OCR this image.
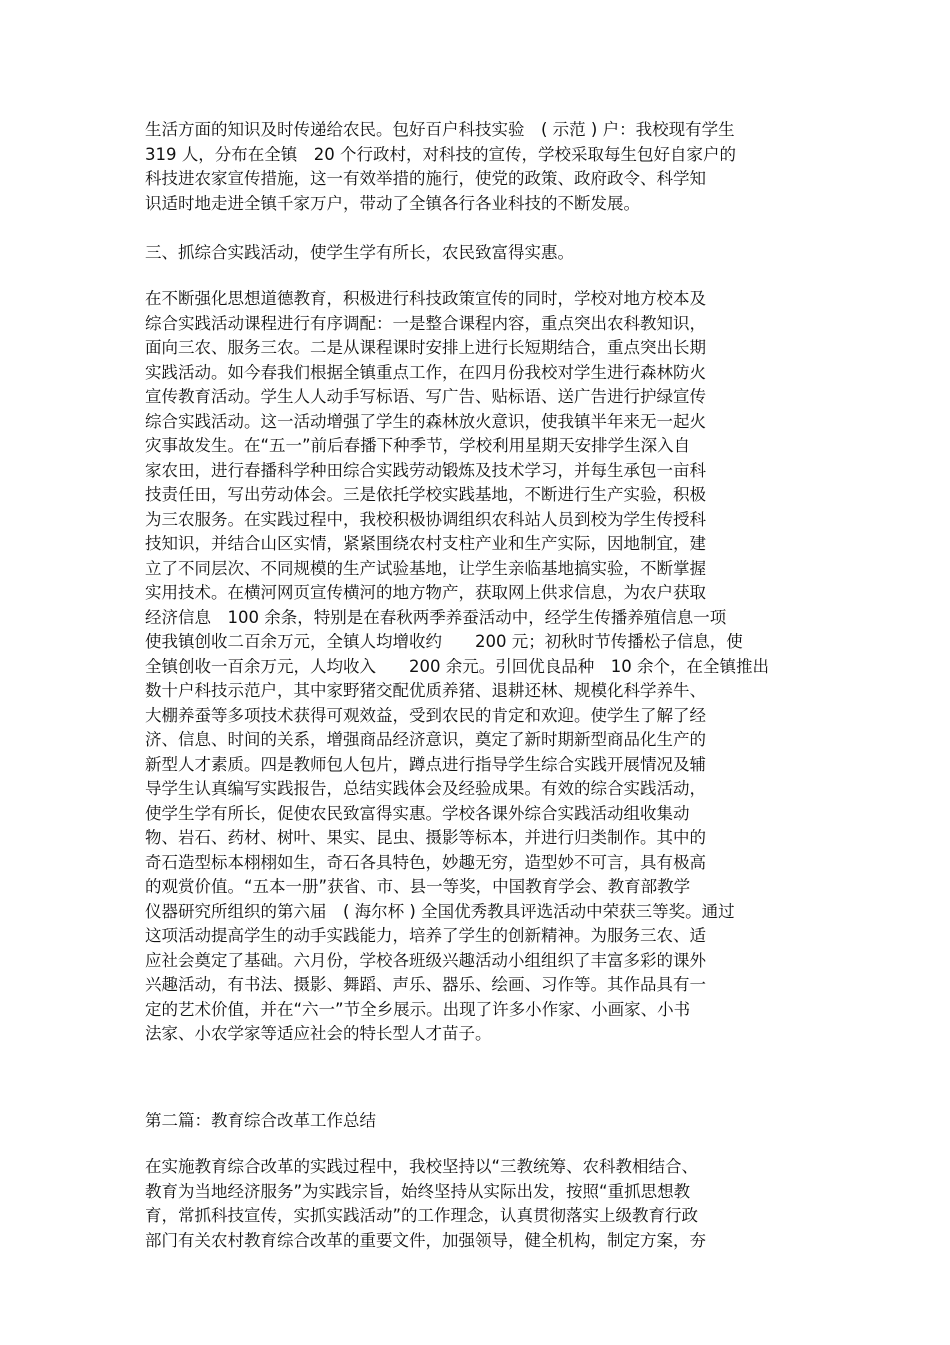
生活方面的知识及时传递给农民。包好百户科技实验　( 示范 ) 户：我校现有学生
319 人，分布在全镇　20 个行政村，对科技的宣传，学校采取每生包好自家户的
科技进农家宣传措施，这一有效举措的施行，使党的政策、政府政令、科学知
识适时地走进全镇千家万户，带动了全镇各行各业科技的不断发展。
三、抓综合实践活动，使学生学有所长，农民致富得实惠。
在不断强化思想道德教育，积极进行科技政策宣传的同时，学校对地方校本及
综合实践活动课程进行有序调配：一是整合课程内容，重点突出农科教知识，
面向三农、服务三农。二是从课程课时安排上进行长短期结合，重点突出长期
实践活动。如今春我们根据全镇重点工作，在四月份我校对学生进行森林防火
宣传教育活动。学生人人动手写标语、写广告、贴标语、送广告进行护绿宣传
综合实践活动。这一活动增强了学生的森林放火意识，使我镇半年来无一起火
灾事故发生。在“五一”前后春播下种季节，学校利用星期天安排学生深入自
家农田，进行春播科学种田综合实践劳动锻炼及技术学习，并每生承包一亩科
技责任田，写出劳动体会。三是依托学校实践基地，不断进行生产实验，积极
为三农服务。在实践过程中，我校积极协调组织农科站人员到校为学生传授科
技知识，并结合山区实情，紧紧围绕农村支柱产业和生产实际，因地制宜，建
立了不同层次、不同规模的生产试验基地，让学生亲临基地搞实验，不断掌握
实用技术。在横河网页宣传横河的地方物产，获取网上供求信息，为农户获取
经济信息　100 余条，特别是在春秋两季养蚕活动中，经学生传播养殖信息一项
使我镇创收二百余万元，全镇人均增收约　　200 元；初秋时节传播松子信息，使
全镇创收一百余万元，人均收入　　200 余元。引回优良品种　10 余个，在全镇推出
数十户科技示范户，其中家野猪交配优质养猪、退耕还林、规模化科学养牛、
大棚养蚕等多项技术获得可观效益，受到农民的肯定和欢迎。使学生了解了经
济、信息、时间的关系，增强商品经济意识，奠定了新时期新型商品化生产的
新型人才素质。四是教师包人包片，蹲点进行指导学生综合实践开展情况及辅
导学生认真编写实践报告，总结实践体会及经验成果。有效的综合实践活动，
使学生学有所长，促使农民致富得实惠。学校各课外综合实践活动组收集动
物、岩石、药材、树叶、果实、昆虫、摄影等标本，并进行归类制作。其中的
奇石造型标本栩栩如生，奇石各具特色，妙趣无穷，造型妙不可言，具有极高
的观赏价值。“五本一册”获省、市、县一等奖，中国教育学会、教育部教学
仪器研究所组织的第六届　( 海尔杯 ) 全国优秀教具评选活动中荣获三等奖。通过
这项活动提高学生的动手实践能力，培养了学生的创新精神。为服务三农、适
应社会奠定了基础。六月份，学校各班级兴趣活动小组组织了丰富多彩的课外
兴趣活动，有书法、摄影、舞蹈、声乐、器乐、绘画、习作等。其作品具有一
定的艺术价值，并在“六一”节全乡展示。出现了许多小作家、小画家、小书
法家、小农学家等适应社会的特长型人才苗子。
第二篇：教育综合改革工作总结
在实施教育综合改革的实践过程中，我校坚持以“三教统筹、农科教相结合、
教育为当地经济服务”为实践宗旨，始终坚持从实际出发，按照“重抓思想教
育，常抓科技宣传，实抓实践活动”的工作理念，认真贯彻落实上级教育行政
部门有关农村教育综合改革的重要文件，加强领导，健全机构，制定方案，夯
